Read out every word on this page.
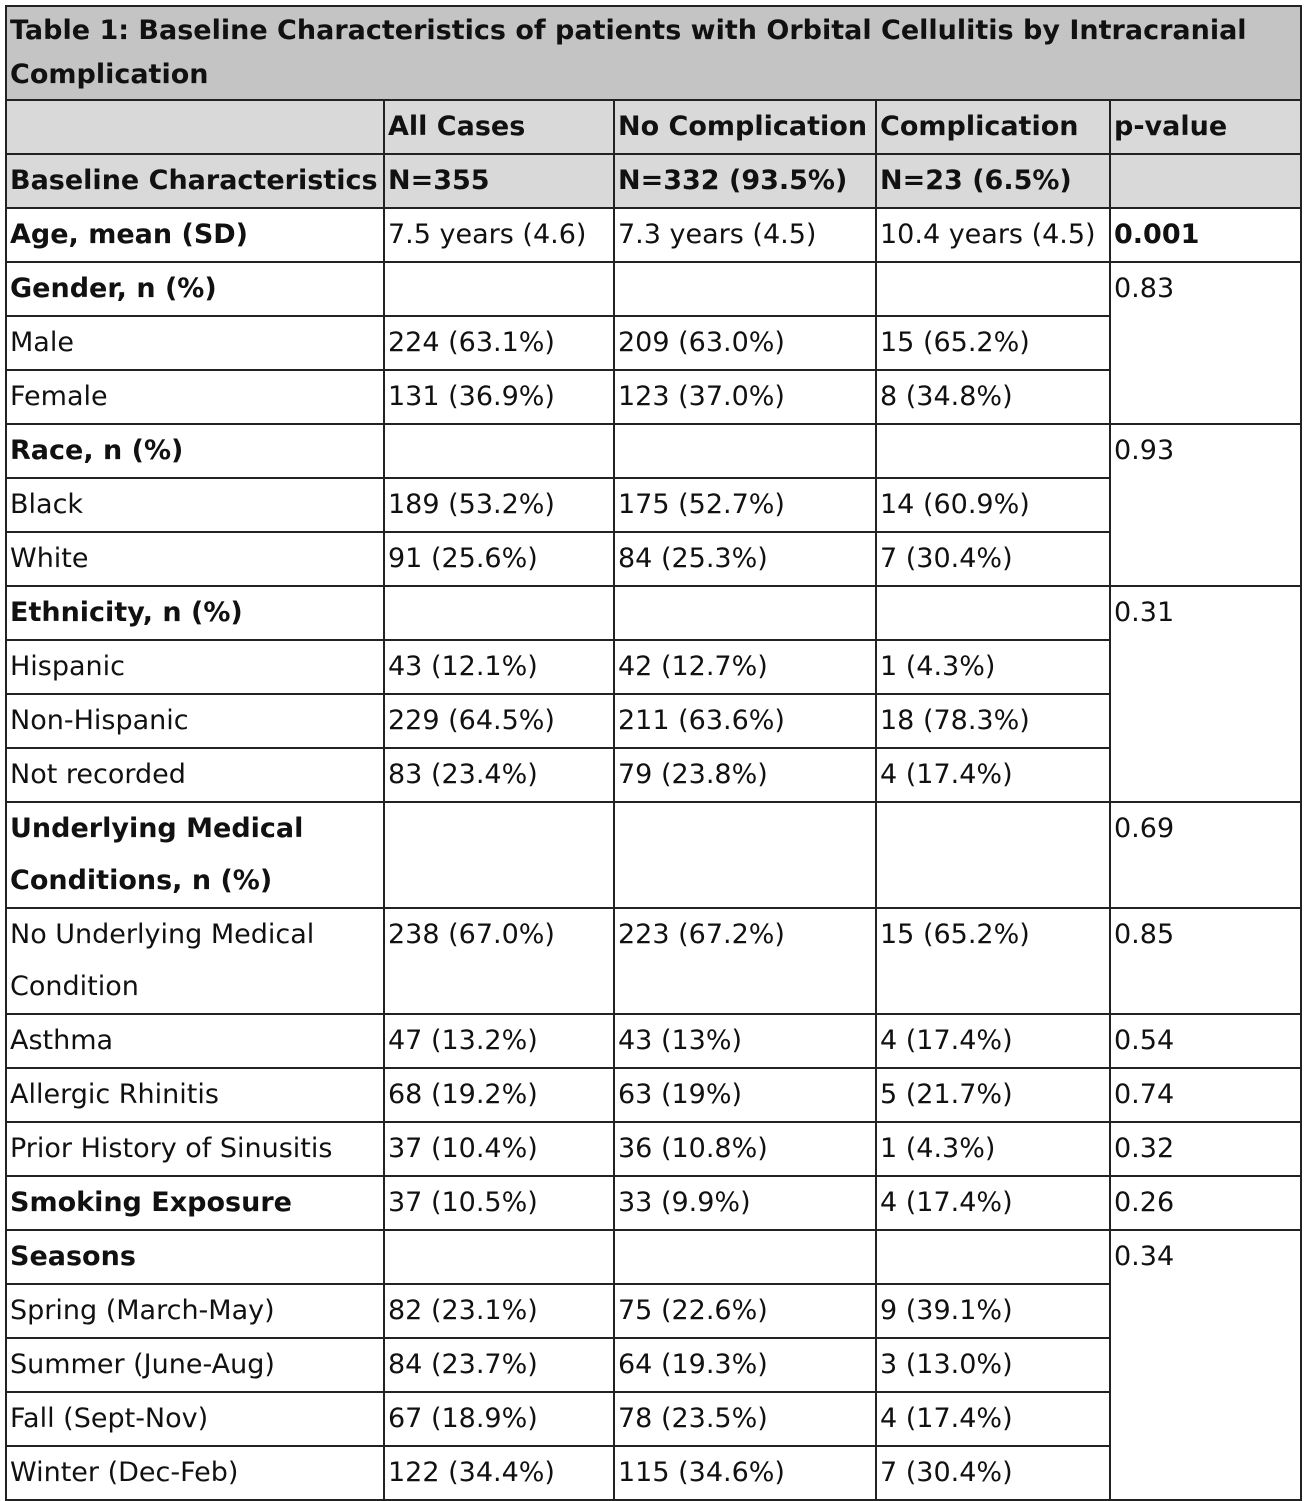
Table 1: Baseline Characteristics of patients with Orbital Cellulitis by Intracranial Complication				
	All Cases	No Complication	Complication	p-value
Baseline Characteristics	N=355	N=332 (93.5%)	N=23 (6.5%)	
Age, mean (SD)	7.5 years (4.6)	7.3 years (4.5)	10.4 years (4.5)	0.001
Gender, n (%)				0.83
Male	224 (63.1%)	209 (63.0%)	15 (65.2%)	
Female	131 (36.9%)	123 (37.0%)	8 (34.8%)	
Race, n (%)				0.93
Black	189 (53.2%)	175 (52.7%)	14 (60.9%)	
White	91 (25.6%)	84 (25.3%)	7 (30.4%)	
Ethnicity, n (%)				0.31
Hispanic	43 (12.1%)	42 (12.7%)	1 (4.3%)	
Non-Hispanic	229 (64.5%)	211 (63.6%)	18 (78.3%)	
Not recorded	83 (23.4%)	79 (23.8%)	4 (17.4%)	
Underlying Medical Conditions, n (%)				0.69
No Underlying Medical Condition	238 (67.0%)	223 (67.2%)	15 (65.2%)	0.85
Asthma	47 (13.2%)	43 (13%)	4 (17.4%)	0.54
Allergic Rhinitis	68 (19.2%)	63 (19%)	5 (21.7%)	0.74
Prior History of Sinusitis	37 (10.4%)	36 (10.8%)	1 (4.3%)	0.32
Smoking Exposure	37 (10.5%)	33 (9.9%)	4 (17.4%)	0.26
Seasons				0.34
Spring (March-May)	82 (23.1%)	75 (22.6%)	9 (39.1%)	
Summer (June-Aug)	84 (23.7%)	64 (19.3%)	3 (13.0%)	
Fall (Sept-Nov)	67 (18.9%)	78 (23.5%)	4 (17.4%)	
Winter (Dec-Feb)	122 (34.4%)	115 (34.6%)	7 (30.4%)	
